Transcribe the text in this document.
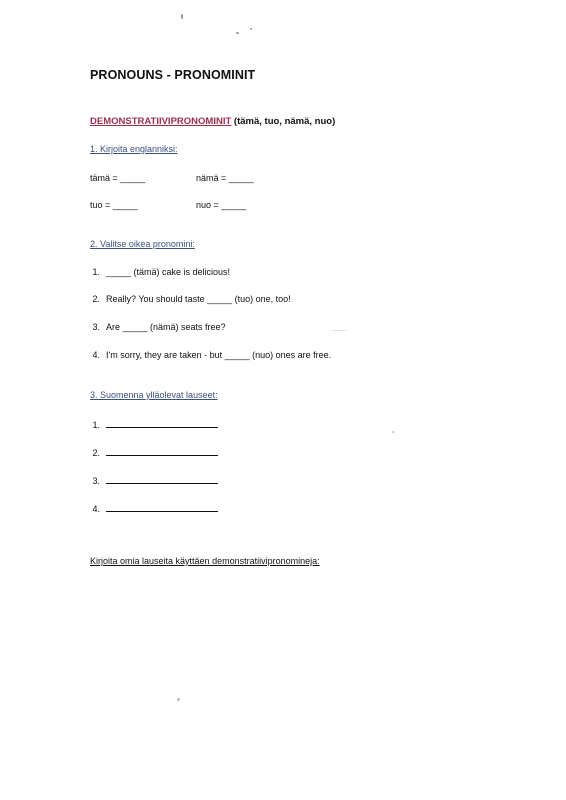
PRONOUNS - PRONOMINIT
DEMONSTRATIIVIPRONOMINIT (tämä, tuo, nämä, nuo)
1. Kirjoita englanniksi:
tämä = _____	nämä = _____
tuo = _____	nuo = _____
2. Valitse oikea pronomini:
1. _____ (tämä) cake is delicious!
2. Really? You should taste _____ (tuo) one, too!
3. Are _____ (nämä) seats free?
4. I'm sorry, they are taken - but _____ (nuo) ones are free.
3. Suomenna ylläolevat lauseet:
1.
2.
3.
4.
Kirjoita omia lauseita käyttäen demonstratiivipronomineja:
